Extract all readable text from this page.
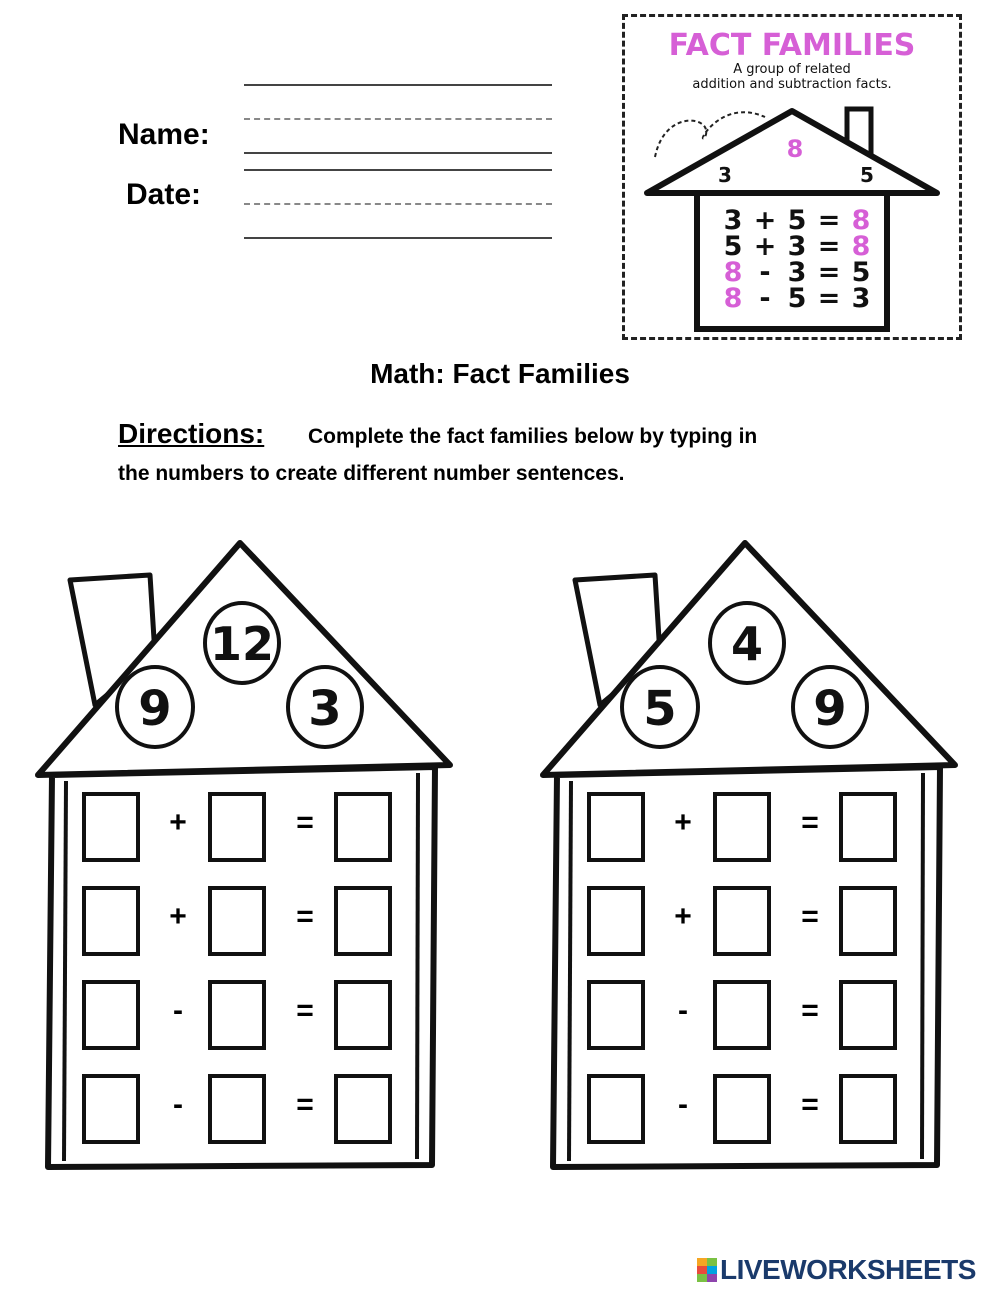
Name:
Date:
FACT FAMILIES
A group of related
addition and subtraction facts.
8
3	5
3 + 5 = 8
5 + 3 = 8
8 - 3 = 5
8 - 5 = 3
Math: Fact Families
Directions: Complete the fact families below by typing in
the numbers to create different number sentences.
12
9	3
+	=
+	=
-	=
-	=
4
5	9
+	=
+	=
-	=
-	=
LIVEWORKSHEETS
